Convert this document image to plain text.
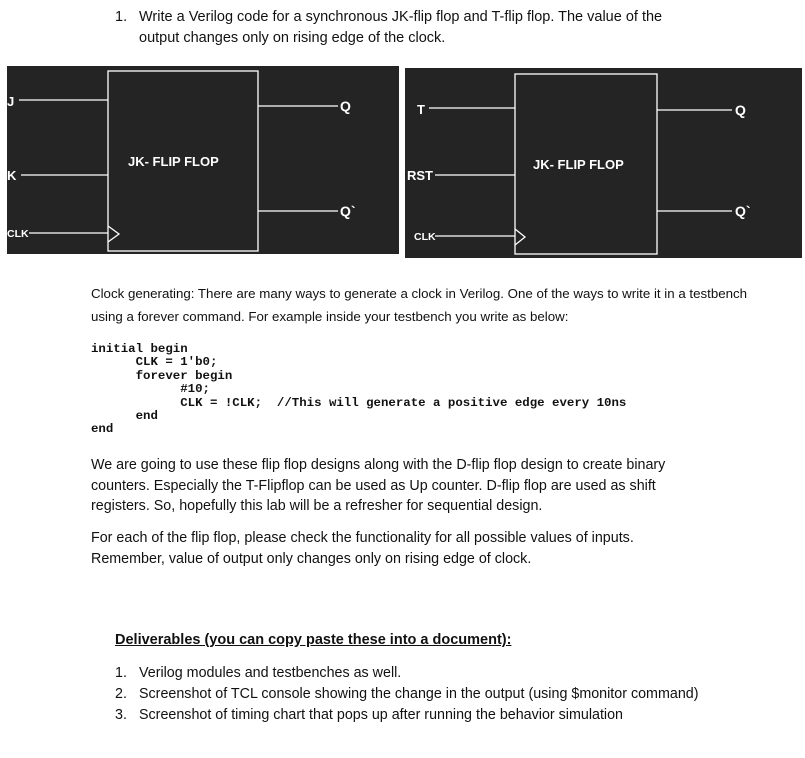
1. Write a Verilog code for a synchronous JK-flip flop and T-flip flop. The value of the output changes only on rising edge of the clock.
J
K
CLK
JK- FLIP FLOP
Q
Q`
T
RST
CLK
JK- FLIP FLOP
Q
Q`
Clock generating: There are many ways to generate a clock in Verilog. One of the ways to write it in a testbench using a forever command. For example inside your testbench you write as below:
initial begin
CLK = 1'b0;
forever begin
#10;
CLK = !CLK;  //This will generate a positive edge every 10ns
end
end
We are going to use these flip flop designs along with the D-flip flop design to create binary counters. Especially the T-Flipflop can be used as Up counter. D-flip flop are used as shift registers. So, hopefully this lab will be a refresher for sequential design.
For each of the flip flop, please check the functionality for all possible values of inputs. Remember, value of output only changes only on rising edge of clock.
Deliverables (you can copy paste these into a document):
1. Verilog modules and testbenches as well.
2. Screenshot of TCL console showing the change in the output (using $monitor command)
3. Screenshot of timing chart that pops up after running the behavior simulation
